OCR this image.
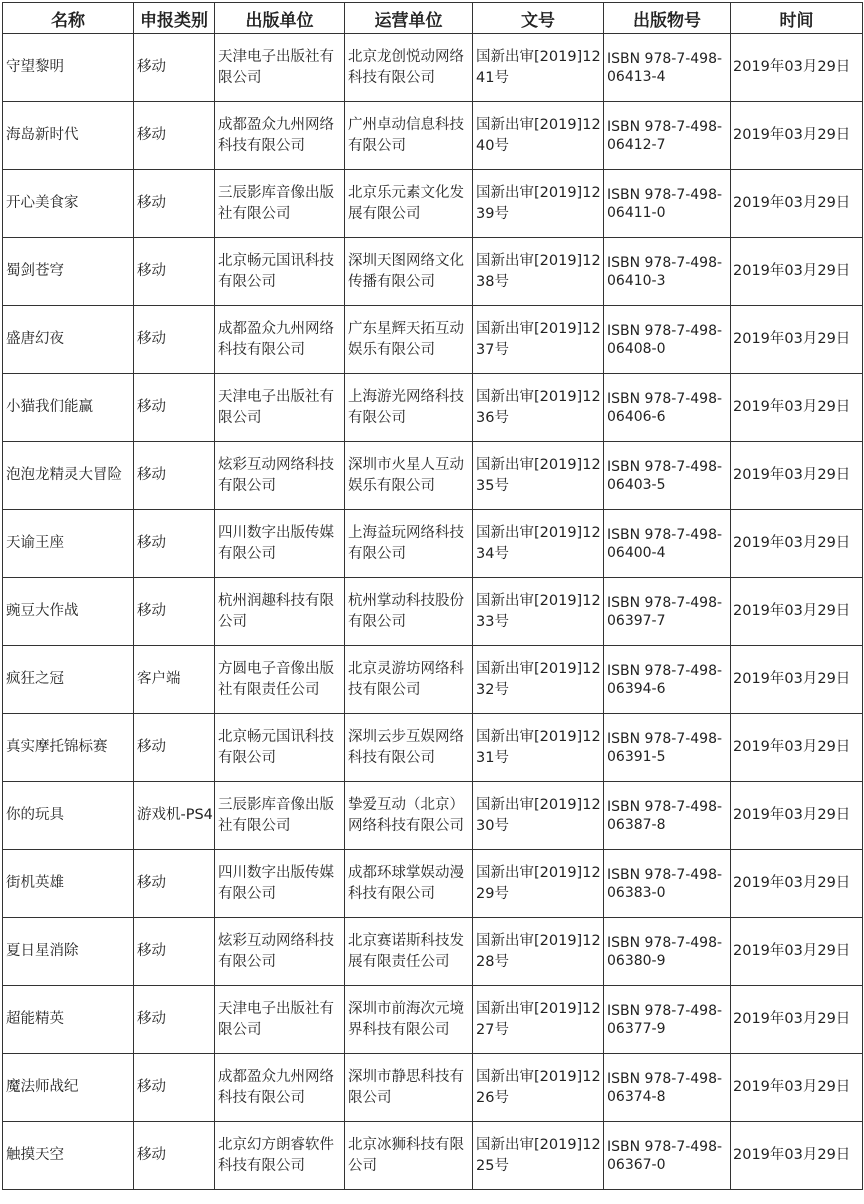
名称	申报类别	出版单位	运营单位	文号	出版物号	时间
守望黎明	移动	天津电子出版社有限公司	北京龙创悦动网络科技有限公司	国新出审[2019]1241号	ISBN 978-7-498-06413-4	2019年03月29日
海岛新时代	移动	成都盈众九州网络科技有限公司	广州卓动信息科技有限公司	国新出审[2019]1240号	ISBN 978-7-498-06412-7	2019年03月29日
开心美食家	移动	三辰影库音像出版社有限公司	北京乐元素文化发展有限公司	国新出审[2019]1239号	ISBN 978-7-498-06411-0	2019年03月29日
蜀剑苍穹	移动	北京畅元国讯科技有限公司	深圳天图网络文化传播有限公司	国新出审[2019]1238号	ISBN 978-7-498-06410-3	2019年03月29日
盛唐幻夜	移动	成都盈众九州网络科技有限公司	广东星辉天拓互动娱乐有限公司	国新出审[2019]1237号	ISBN 978-7-498-06408-0	2019年03月29日
小猫我们能赢	移动	天津电子出版社有限公司	上海游光网络科技有限公司	国新出审[2019]1236号	ISBN 978-7-498-06406-6	2019年03月29日
泡泡龙精灵大冒险	移动	炫彩互动网络科技有限公司	深圳市火星人互动娱乐有限公司	国新出审[2019]1235号	ISBN 978-7-498-06403-5	2019年03月29日
天谕王座	移动	四川数字出版传媒有限公司	上海益玩网络科技有限公司	国新出审[2019]1234号	ISBN 978-7-498-06400-4	2019年03月29日
豌豆大作战	移动	杭州润趣科技有限公司	杭州掌动科技股份有限公司	国新出审[2019]1233号	ISBN 978-7-498-06397-7	2019年03月29日
疯狂之冠	客户端	方圆电子音像出版社有限责任公司	北京灵游坊网络科技有限公司	国新出审[2019]1232号	ISBN 978-7-498-06394-6	2019年03月29日
真实摩托锦标赛	移动	北京畅元国讯科技有限公司	深圳云步互娱网络科技有限公司	国新出审[2019]1231号	ISBN 978-7-498-06391-5	2019年03月29日
你的玩具	游戏机-PS4	三辰影库音像出版社有限公司	挚爱互动（北京）网络科技有限公司	国新出审[2019]1230号	ISBN 978-7-498-06387-8	2019年03月29日
街机英雄	移动	四川数字出版传媒有限公司	成都环球掌娱动漫科技有限公司	国新出审[2019]1229号	ISBN 978-7-498-06383-0	2019年03月29日
夏日星消除	移动	炫彩互动网络科技有限公司	北京赛诺斯科技发展有限责任公司	国新出审[2019]1228号	ISBN 978-7-498-06380-9	2019年03月29日
超能精英	移动	天津电子出版社有限公司	深圳市前海次元境界科技有限公司	国新出审[2019]1227号	ISBN 978-7-498-06377-9	2019年03月29日
魔法师战纪	移动	成都盈众九州网络科技有限公司	深圳市静思科技有限公司	国新出审[2019]1226号	ISBN 978-7-498-06374-8	2019年03月29日
触摸天空	移动	北京幻方朗睿软件科技有限公司	北京冰狮科技有限公司	国新出审[2019]1225号	ISBN 978-7-498-06367-0	2019年03月29日
